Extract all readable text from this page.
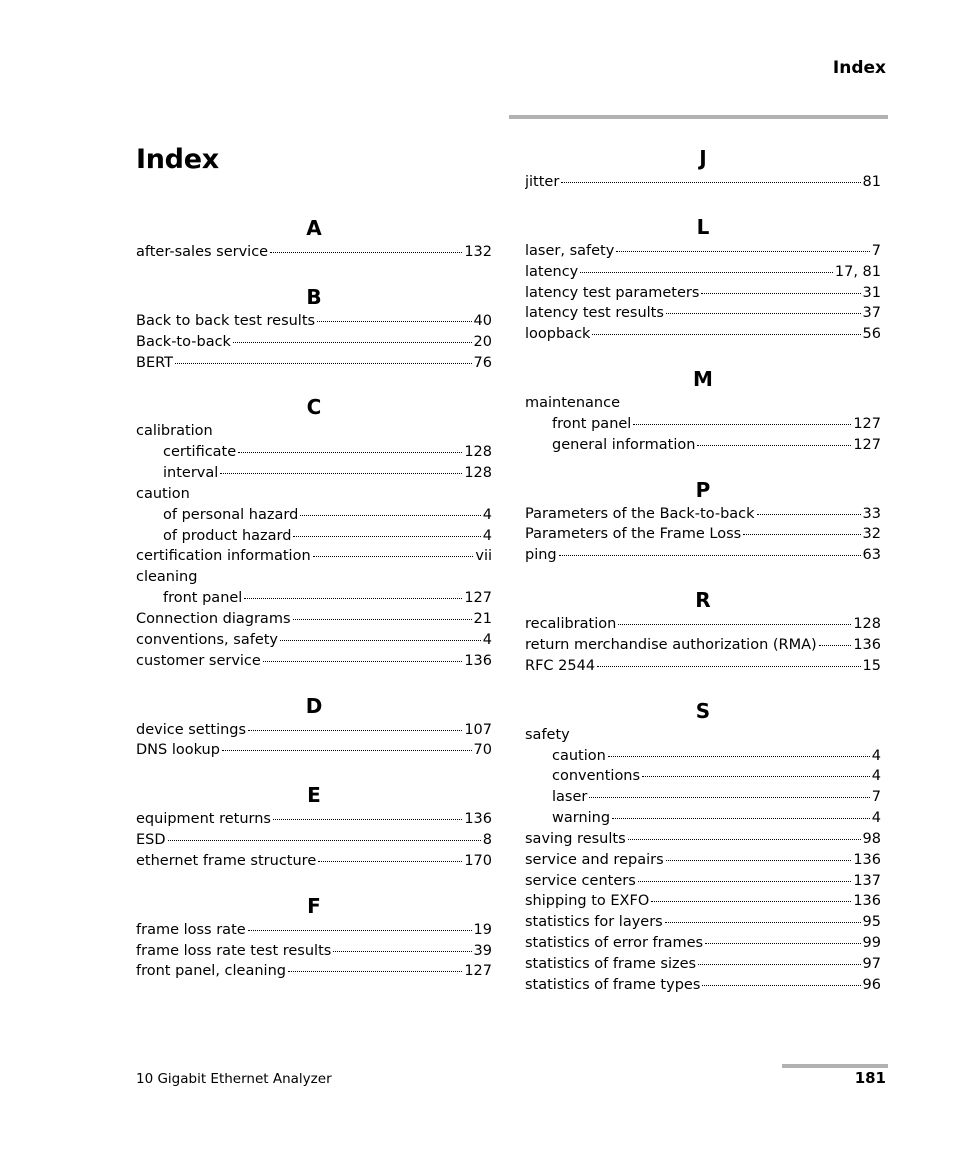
Index
Index
A
after-sales service	132
B
Back to back test results	40
Back-to-back	20
BERT	76
C
calibration
certificate	128
interval	128
caution
of personal hazard	4
of product hazard	4
certification information	vii
cleaning
front panel	127
Connection diagrams	21
conventions, safety	4
customer service	136
D
device settings	107
DNS lookup	70
E
equipment returns	136
ESD	8
ethernet frame structure	170
F
frame loss rate	19
frame loss rate test results	39
front panel, cleaning	127
J
jitter	81
L
laser, safety	7
latency	17, 81
latency test parameters	31
latency test results	37
loopback	56
M
maintenance
front panel	127
general information	127
P
Parameters of the Back-to-back	33
Parameters of the Frame Loss	32
ping	63
R
recalibration	128
return merchandise authorization (RMA)	136
RFC 2544	15
S
safety
caution	4
conventions	4
laser	7
warning	4
saving results	98
service and repairs	136
service centers	137
shipping to EXFO	136
statistics for layers	95
statistics of error frames	99
statistics of frame sizes	97
statistics of frame types	96
10 Gigabit Ethernet Analyzer	181
